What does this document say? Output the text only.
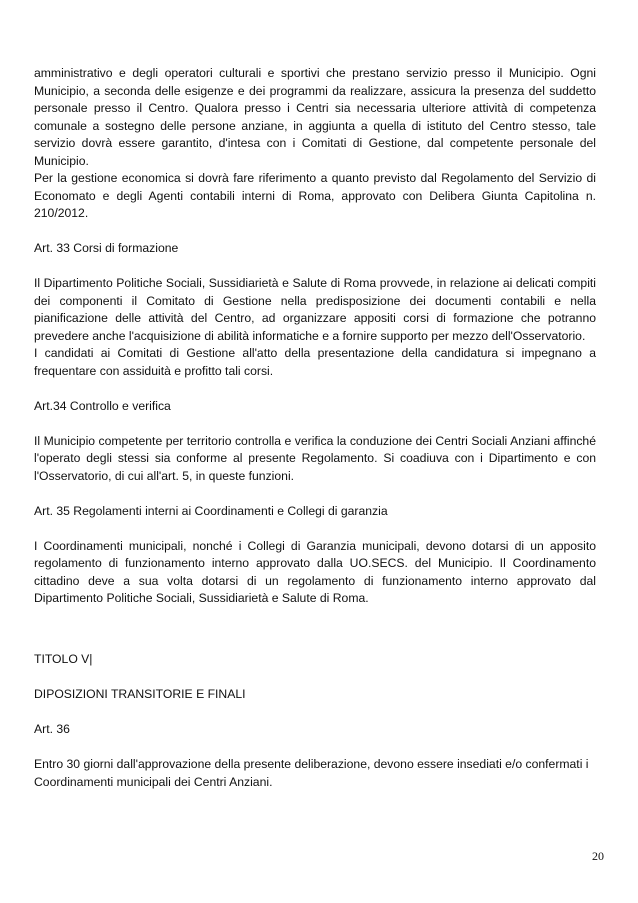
amministrativo e degli operatori culturali e sportivi che prestano servizio presso il Municipio. Ogni Municipio, a seconda delle esigenze e dei programmi da realizzare, assicura la presenza del suddetto personale presso il Centro. Qualora presso i Centri sia necessaria ulteriore attività di competenza comunale a sostegno delle persone anziane, in aggiunta a quella di istituto del Centro stesso, tale servizio dovrà essere garantito, d'intesa con i Comitati di Gestione, dal competente personale del Municipio.

Per la gestione economica si dovrà fare riferimento a quanto previsto dal Regolamento del Servizio di Economato e degli Agenti contabili interni di Roma, approvato con Delibera Giunta Capitolina n. 210/2012.

Art. 33 Corsi di formazione

Il Dipartimento Politiche Sociali, Sussidiarietà e Salute di Roma provvede, in relazione ai delicati compiti dei componenti il Comitato di Gestione nella predisposizione dei documenti contabili e nella pianificazione delle attività del Centro, ad organizzare appositi corsi di formazione che potranno prevedere anche l'acquisizione di abilità informatiche e a fornire supporto per mezzo dell'Osservatorio.

I candidati ai Comitati di Gestione all'atto della presentazione della candidatura si impegnano a frequentare con assiduità e profitto tali corsi.

Art.34 Controllo e verifica

Il Municipio competente per territorio controlla e verifica la conduzione dei Centri Sociali Anziani affinché l'operato degli stessi sia conforme al presente Regolamento. Si coadiuva con i Dipartimento e con l'Osservatorio, di cui all'art. 5, in queste funzioni.

Art. 35 Regolamenti interni ai Coordinamenti e Collegi di garanzia

I Coordinamenti municipali, nonché i Collegi di Garanzia municipali, devono dotarsi di un apposito regolamento di funzionamento interno approvato dalla UO.SECS. del Municipio. Il Coordinamento cittadino deve a sua volta dotarsi di un regolamento di funzionamento interno approvato dal Dipartimento Politiche Sociali, Sussidiarietà e Salute di Roma.

TITOLO V|

DIPOSIZIONI TRANSITORIE E FINALI

Art. 36

Entro 30 giorni dall'approvazione della presente deliberazione, devono essere insediati e/o confermati i Coordinamenti municipali dei Centri Anziani.

20
